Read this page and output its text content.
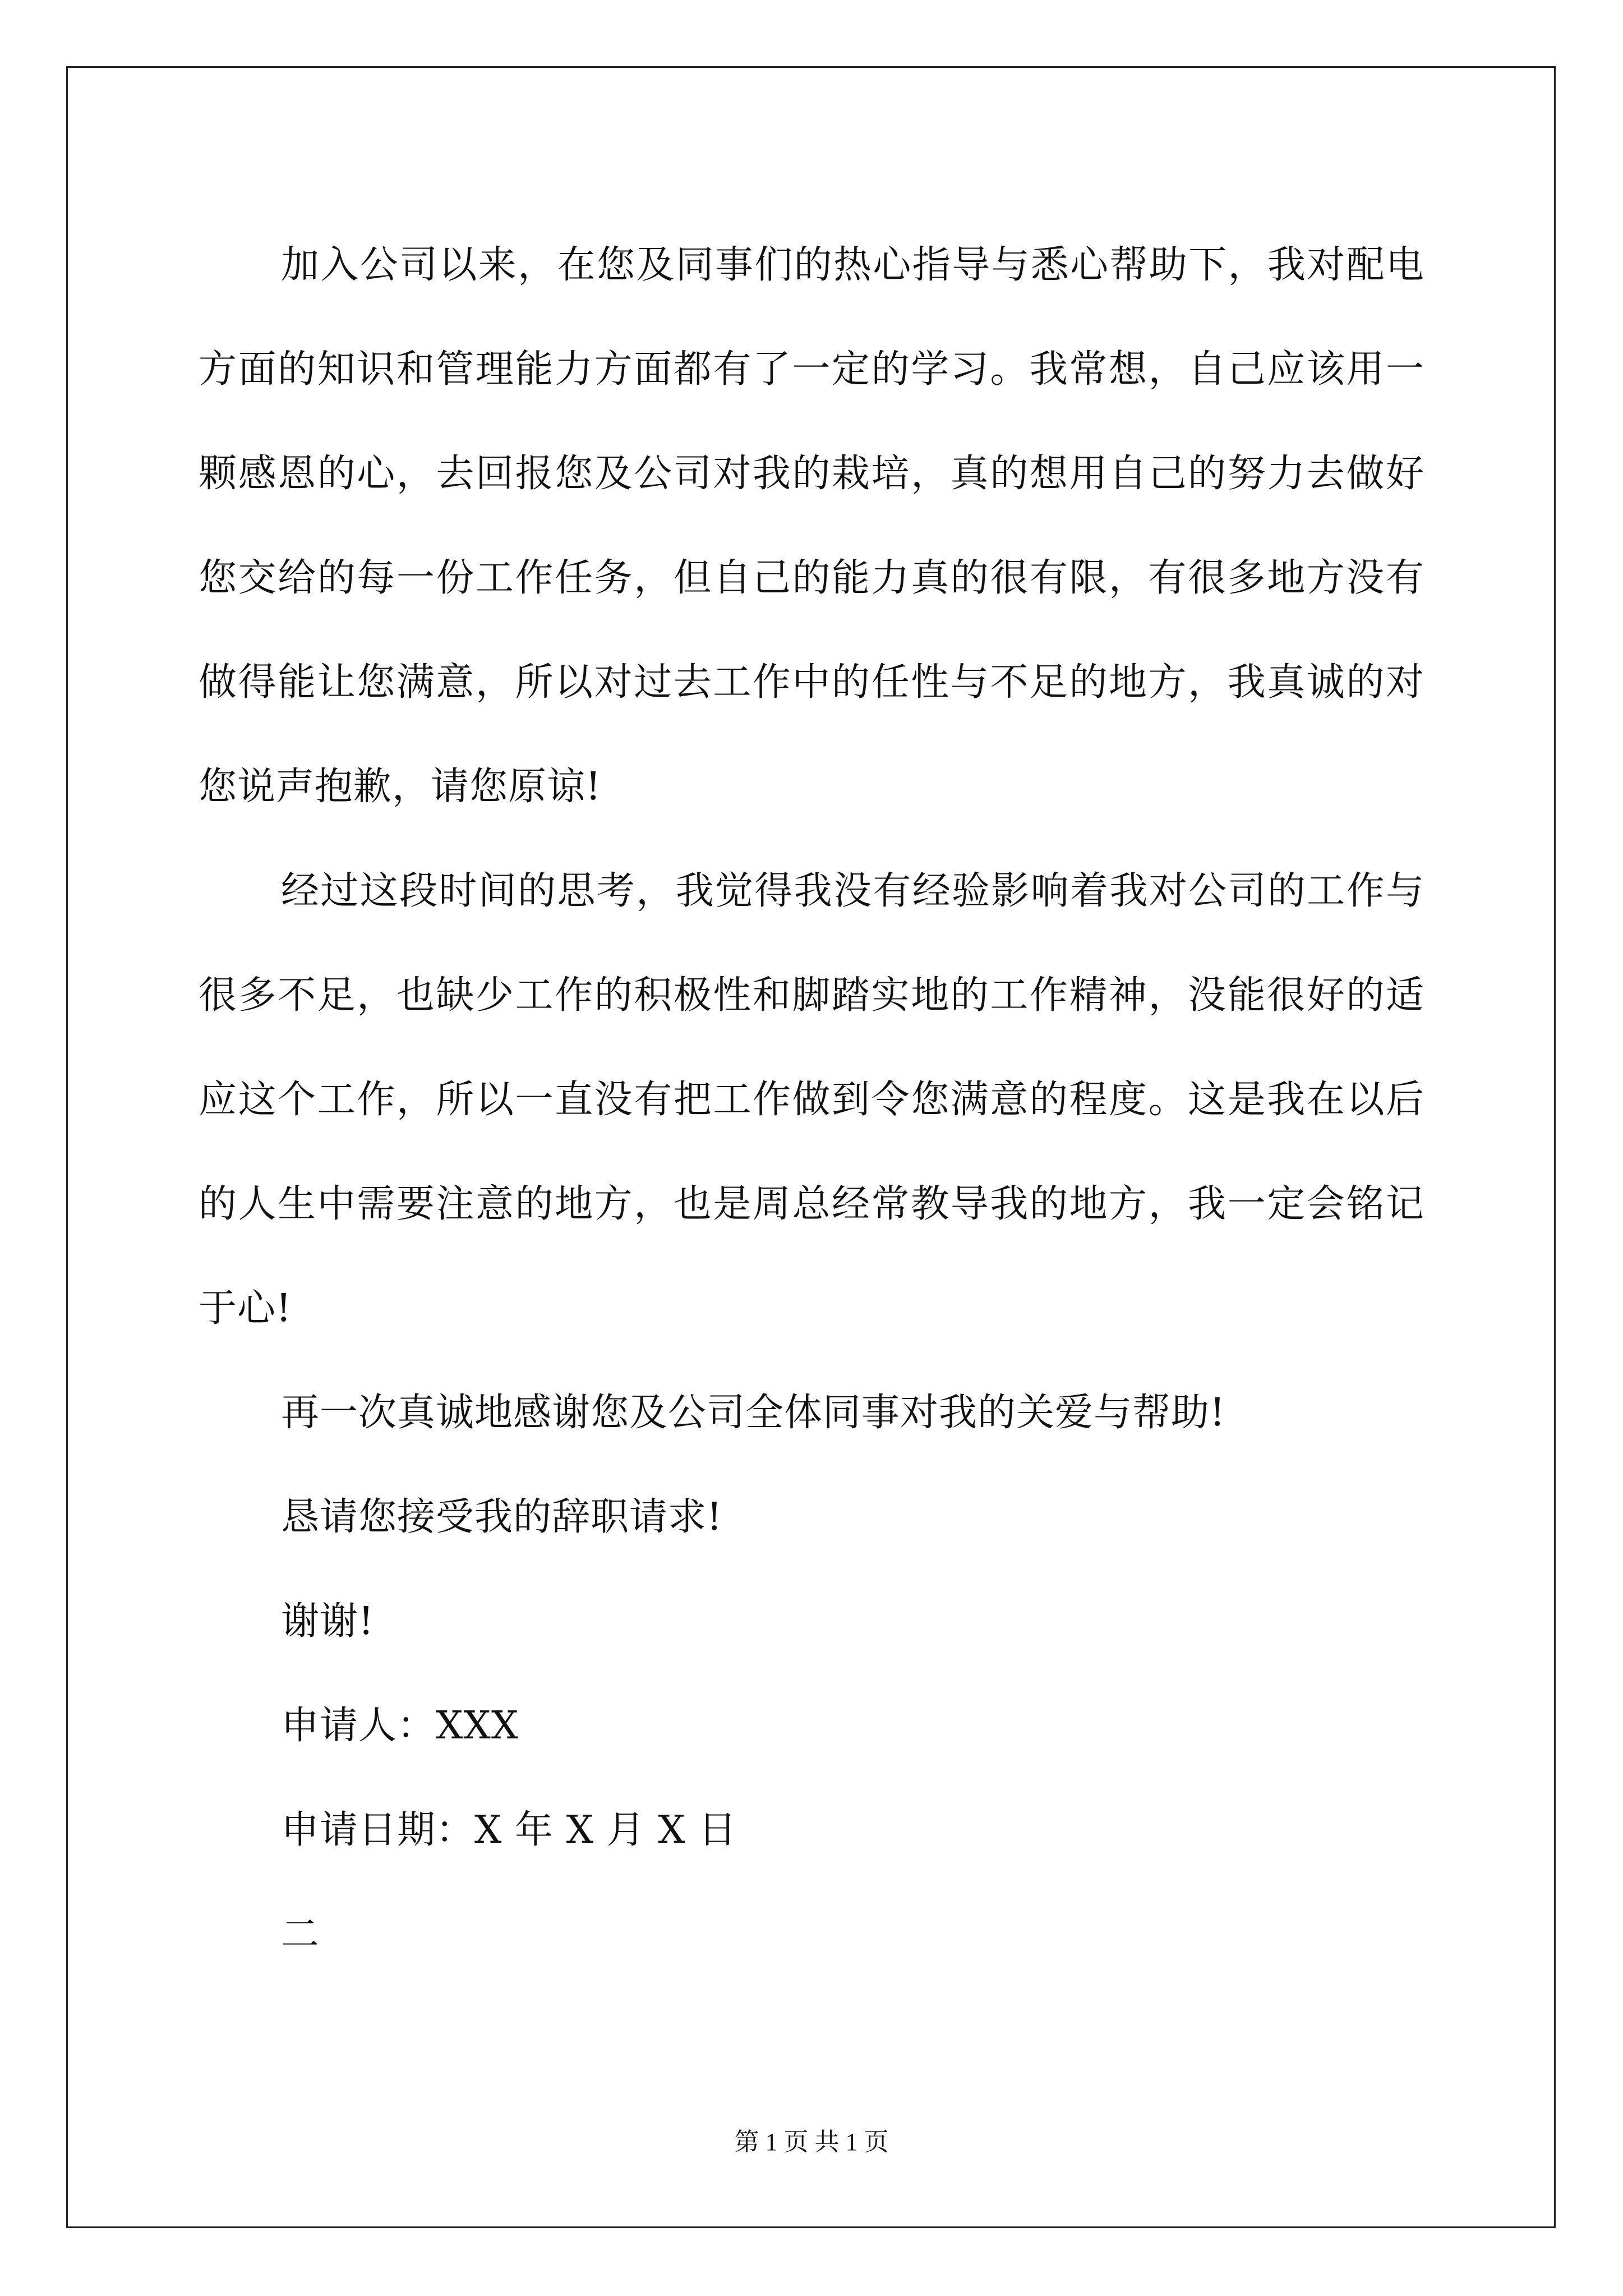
加入公司以来，在您及同事们的热心指导与悉心帮助下，我对配电方面的知识和管理能力方面都有了一定的学习。我常想，自己应该用一颗感恩的心，去回报您及公司对我的栽培，真的想用自己的努力去做好您交给的每一份工作任务，但自己的能力真的很有限，有很多地方没有做得能让您满意，所以对过去工作中的任性与不足的地方，我真诚的对您说声抱歉，请您原谅!

经过这段时间的思考，我觉得我没有经验影响着我对公司的工作与很多不足，也缺少工作的积极性和脚踏实地的工作精神，没能很好的适应这个工作，所以一直没有把工作做到令您满意的程度。这是我在以后的人生中需要注意的地方，也是周总经常教导我的地方，我一定会铭记于心!

再一次真诚地感谢您及公司全体同事对我的关爱与帮助!

恳请您接受我的辞职请求!

谢谢!

申请人：XXX

申请日期：X 年 X 月 X 日

二

第 1 页 共 1 页
